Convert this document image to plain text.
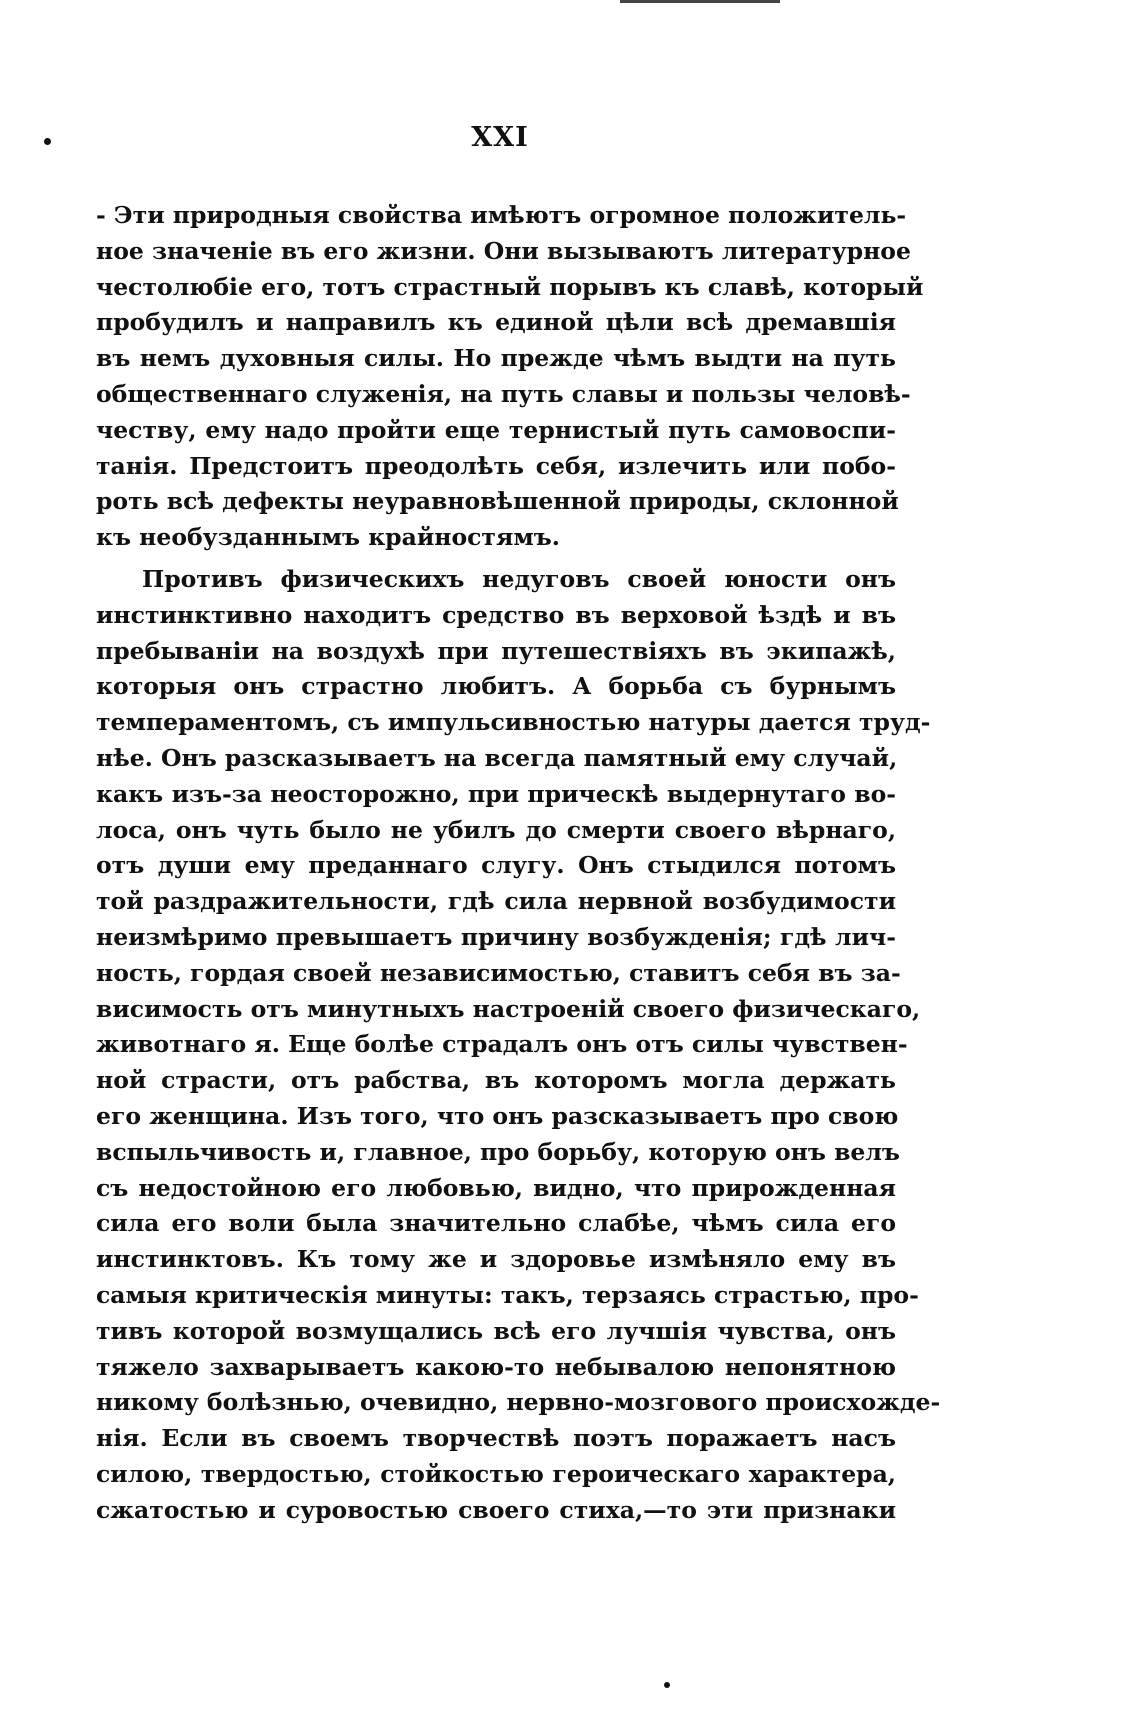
XXI
- Эти природныя свойства имѣютъ огромное положитель-
ное значеніе въ его жизни. Они вызываютъ литературное
честолюбіе его, тотъ страстный порывъ къ славѣ, который
пробудилъ и направилъ къ единой цѣли всѣ дремавшія
въ немъ духовныя силы. Но прежде чѣмъ выдти на путь
общественнаго служенія, на путь славы и пользы человѣ-
честву, ему надо пройти еще тернистый путь самовоспи-
танія. Предстоитъ преодолѣть себя, излечить или побо-
роть всѣ дефекты неуравновѣшенной природы, склонной
къ необузданнымъ крайностямъ.
Противъ физическихъ недуговъ своей юности онъ
инстинктивно находитъ средство въ верховой ѣздѣ и въ
пребываніи на воздухѣ при путешествіяхъ въ экипажѣ,
которыя онъ страстно любитъ. А борьба съ бурнымъ
темпераментомъ, съ импульсивностью натуры дается труд-
нѣе. Онъ разсказываетъ на всегда памятный ему случай,
какъ изъ-за неосторожно, при прическѣ выдернутаго во-
лоса, онъ чуть было не убилъ до смерти своего вѣрнаго,
отъ души ему преданнаго слугу. Онъ стыдился потомъ
той раздражительности, гдѣ сила нервной возбудимости
неизмѣримо превышаетъ причину возбужденія; гдѣ лич-
ность, гордая своей независимостью, ставитъ себя въ за-
висимость отъ минутныхъ настроеній своего физическаго,
животнаго я. Еще болѣе страдалъ онъ отъ силы чувствен-
ной страсти, отъ рабства, въ которомъ могла держать
его женщина. Изъ того, что онъ разсказываетъ про свою
вспыльчивость и, главное, про борьбу, которую онъ велъ
съ недостойною его любовью, видно, что прирожденная
сила его воли была значительно слабѣе, чѣмъ сила его
инстинктовъ. Къ тому же и здоровье измѣняло ему въ
самыя критическія минуты: такъ, терзаясь страстью, про-
тивъ которой возмущались всѣ его лучшія чувства, онъ
тяжело захварываетъ какою-то небывалою непонятною
никому болѣзнью, очевидно, нервно-мозгового происхожде-
нія. Если въ своемъ творчествѣ поэтъ поражаетъ насъ
силою, твердостью, стойкостью героическаго характера,
сжатостью и суровостью своего стиха,—то эти признаки
